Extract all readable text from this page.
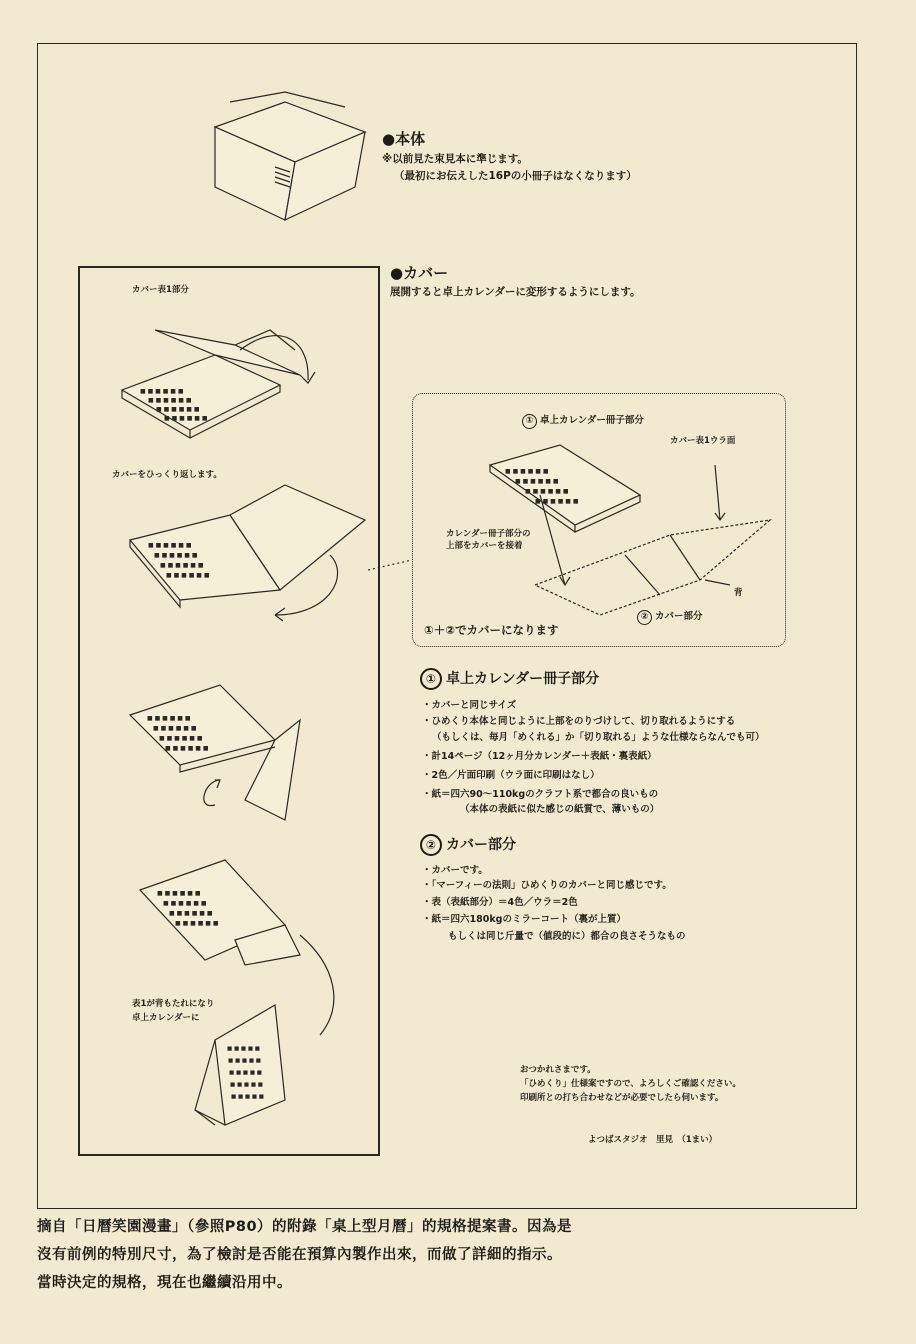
●本体
※以前見た束見本に準じます。
（最初にお伝えした16Pの小冊子はなくなります）
●カバー
展開すると卓上カレンダーに変形するようにします。
カバー表1部分
■ ■ ■ ■ ■ ■
■ ■ ■ ■ ■ ■
■ ■ ■ ■ ■ ■
■ ■ ■ ■ ■ ■
カバーをひっくり返します。
■ ■ ■ ■ ■ ■
■ ■ ■ ■ ■ ■
■ ■ ■ ■ ■ ■
■ ■ ■ ■ ■ ■
■ ■ ■ ■ ■ ■
■ ■ ■ ■ ■ ■
■ ■ ■ ■ ■ ■
■ ■ ■ ■ ■ ■
■ ■ ■ ■ ■ ■
■ ■ ■ ■ ■ ■
■ ■ ■ ■ ■ ■
■ ■ ■ ■ ■ ■
表1が背もたれになり
卓上カレンダーに
■ ■ ■ ■ ■
■ ■ ■ ■ ■
■ ■ ■ ■ ■
■ ■ ■ ■ ■
■ ■ ■ ■ ■
① 卓上カレンダー冊子部分
カバー表1ウラ面
■ ■ ■ ■ ■ ■
■ ■ ■ ■ ■ ■
■ ■ ■ ■ ■ ■
■ ■ ■ ■ ■ ■
カレンダー冊子部分の
上部をカバーを接着
背
② カバー部分
①＋②でカバーになります
① 卓上カレンダー冊子部分
・カバーと同じサイズ
・ひめくり本体と同じように上部をのりづけして、切り取れるようにする
（もしくは、毎月「めくれる」か「切り取れる」ような仕様ならなんでも可）
・計14ページ（12ヶ月分カレンダー＋表紙・裏表紙）
・2色／片面印刷（ウラ面に印刷はなし）
・紙＝四六90～110kgのクラフト系で都合の良いもの
（本体の表紙に似た感じの紙質で、薄いもの）
② カバー部分
・カバーです。
・「マーフィーの法則」ひめくりのカバーと同じ感じです。
・表（表紙部分）＝4色／ウラ＝2色
・紙＝四六180kgのミラーコート（裏が上質）
もしくは同じ斤量で（値段的に）都合の良さそうなもの
おつかれさまです。
「ひめくり」仕様案ですので、よろしくご確認ください。
印刷所との打ち合わせなどが必要でしたら伺います。
よつばスタジオ　里見　（1まい）
摘自「日曆笑園漫畫」（參照P80）的附錄「桌上型月曆」的規格提案書。因為是
沒有前例的特別尺寸，為了檢討是否能在預算內製作出來，而做了詳細的指示。
當時決定的規格，現在也繼續沿用中。
